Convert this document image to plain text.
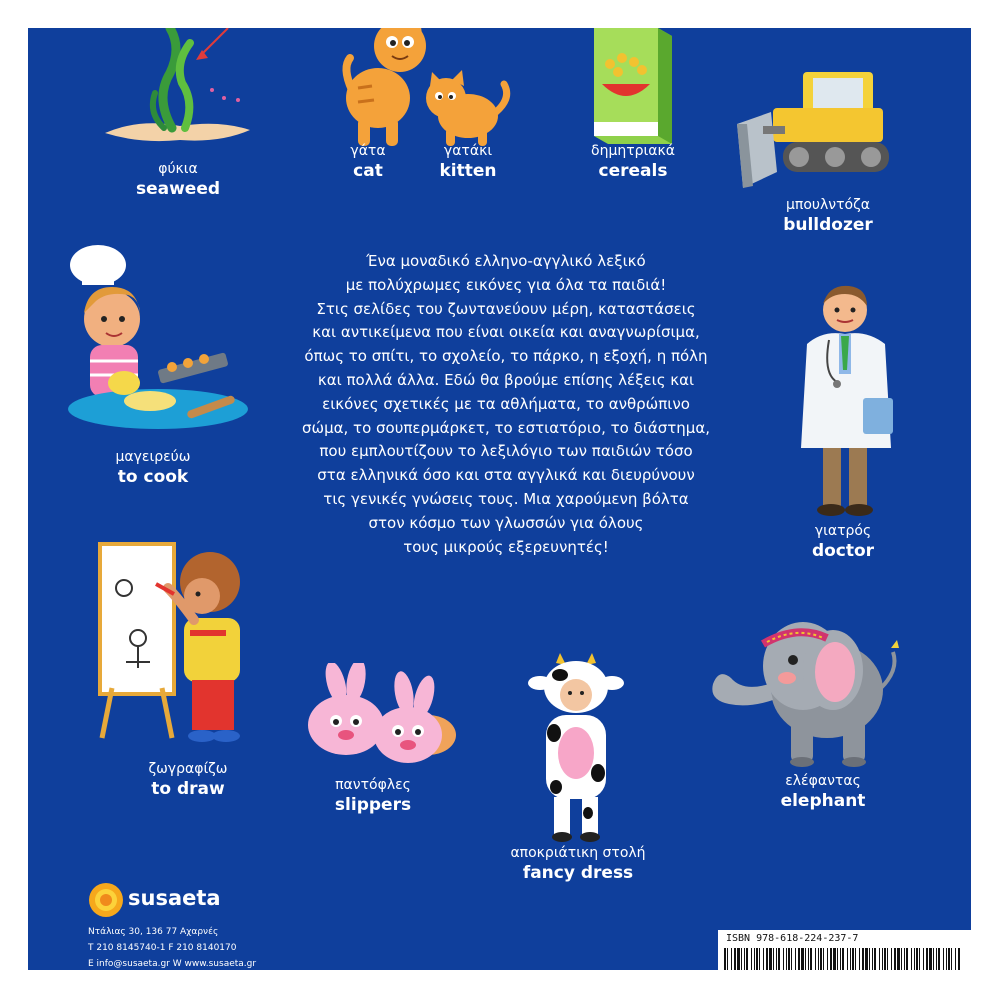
φύκια
seaweed
γάτα
cat
γατάκι
kitten
δημητριακά
cereals
μπουλντόζα
bulldozer
μαγειρεύω
to cook
γιατρός
doctor
ζωγραφίζω
to draw	παντόφλες
slippers
αποκριάτικη στολή
fancy dress
ελέφαντας
elephant
Ένα μοναδικό ελληνο-αγγλικό λεξικό
με πολύχρωμες εικόνες για όλα τα παιδιά!
Στις σελίδες του ζωντανεύουν μέρη, καταστάσεις
και αντικείμενα που είναι οικεία και αναγνωρίσιμα,
όπως το σπίτι, το σχολείο, το πάρκο, η εξοχή, η πόλη
και πολλά άλλα. Εδώ θα βρούμε επίσης λέξεις και
εικόνες σχετικές με τα αθλήματα, το ανθρώπινο
σώμα, το σουπερμάρκετ, το εστιατόριο, το διάστημα,
που εμπλουτίζουν το λεξιλόγιο των παιδιών τόσο
στα ελληνικά όσο και στα αγγλικά και διευρύνουν
τις γενικές γνώσεις τους. Μια χαρούμενη βόλτα
στον κόσμο των γλωσσών για όλους
τους μικρούς εξερευνητές!
susaeta
Ντάλιας 30, 136 77 Αχαρνές
T 210 8145740-1 F 210 8140170
E info@susaeta.gr W www.susaeta.gr
ISBN 978-618-224-237-7
